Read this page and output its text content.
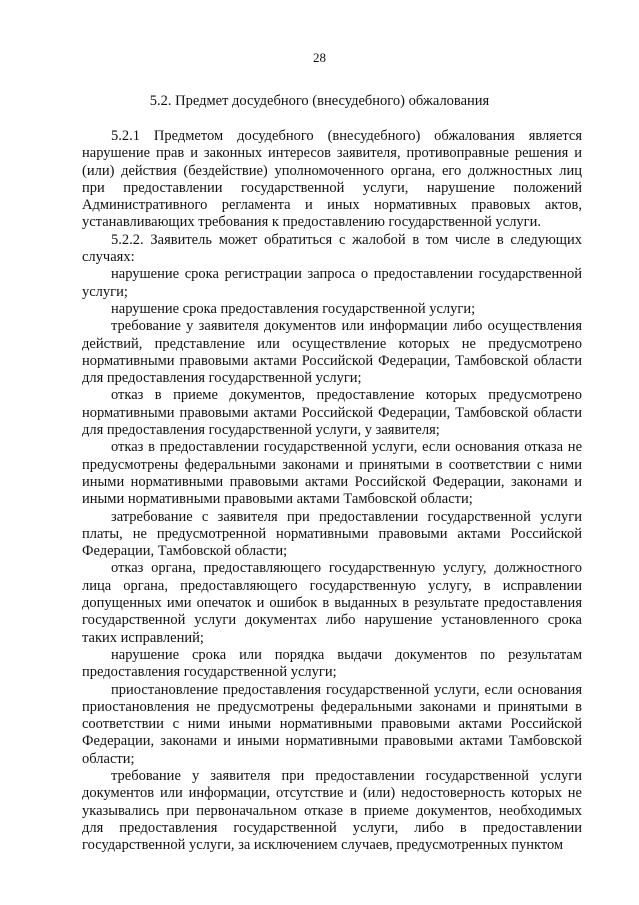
28
5.2. Предмет досудебного (внесудебного) обжалования

5.2.1 Предметом досудебного (внесудебного) обжалования является нарушение прав и законных интересов заявителя, противоправные решения и (или) действия (бездействие) уполномоченного органа, его должностных лиц при предоставлении государственной услуги, нарушение положений Административного регламента и иных нормативных правовых актов, устанавливающих требования к предоставлению государственной услуги.

5.2.2. Заявитель может обратиться с жалобой в том числе в следующих случаях:

нарушение срока регистрации запроса о предоставлении государственной услуги;

нарушение срока предоставления государственной услуги;

требование у заявителя документов или информации либо осуществления действий, представление или осуществление которых не предусмотрено нормативными правовыми актами Российской Федерации, Тамбовской области для предоставления государственной услуги;

отказ в приеме документов, предоставление которых предусмотрено нормативными правовыми актами Российской Федерации, Тамбовской области для предоставления государственной услуги, у заявителя;

отказ в предоставлении государственной услуги, если основания отказа не предусмотрены федеральными законами и принятыми в соответствии с ними иными нормативными правовыми актами Российской Федерации, законами и иными нормативными правовыми актами Тамбовской области;

затребование с заявителя при предоставлении государственной услуги платы, не предусмотренной нормативными правовыми актами Российской Федерации, Тамбовской области;

отказ органа, предоставляющего государственную услугу, должностного лица органа, предоставляющего государственную услугу, в исправлении допущенных ими опечаток и ошибок в выданных в результате предоставления государственной услуги документах либо нарушение установленного срока таких исправлений;

нарушение срока или порядка выдачи документов по результатам предоставления государственной услуги;

приостановление предоставления государственной услуги, если основания приостановления не предусмотрены федеральными законами и принятыми в соответствии с ними иными нормативными правовыми актами Российской Федерации, законами и иными нормативными правовыми актами Тамбовской области;

требование у заявителя при предоставлении государственной услуги документов или информации, отсутствие и (или) недостоверность которых не указывались при первоначальном отказе в приеме документов, необходимых для предоставления государственной услуги, либо в предоставлении государственной услуги, за исключением случаев, предусмотренных пунктом
